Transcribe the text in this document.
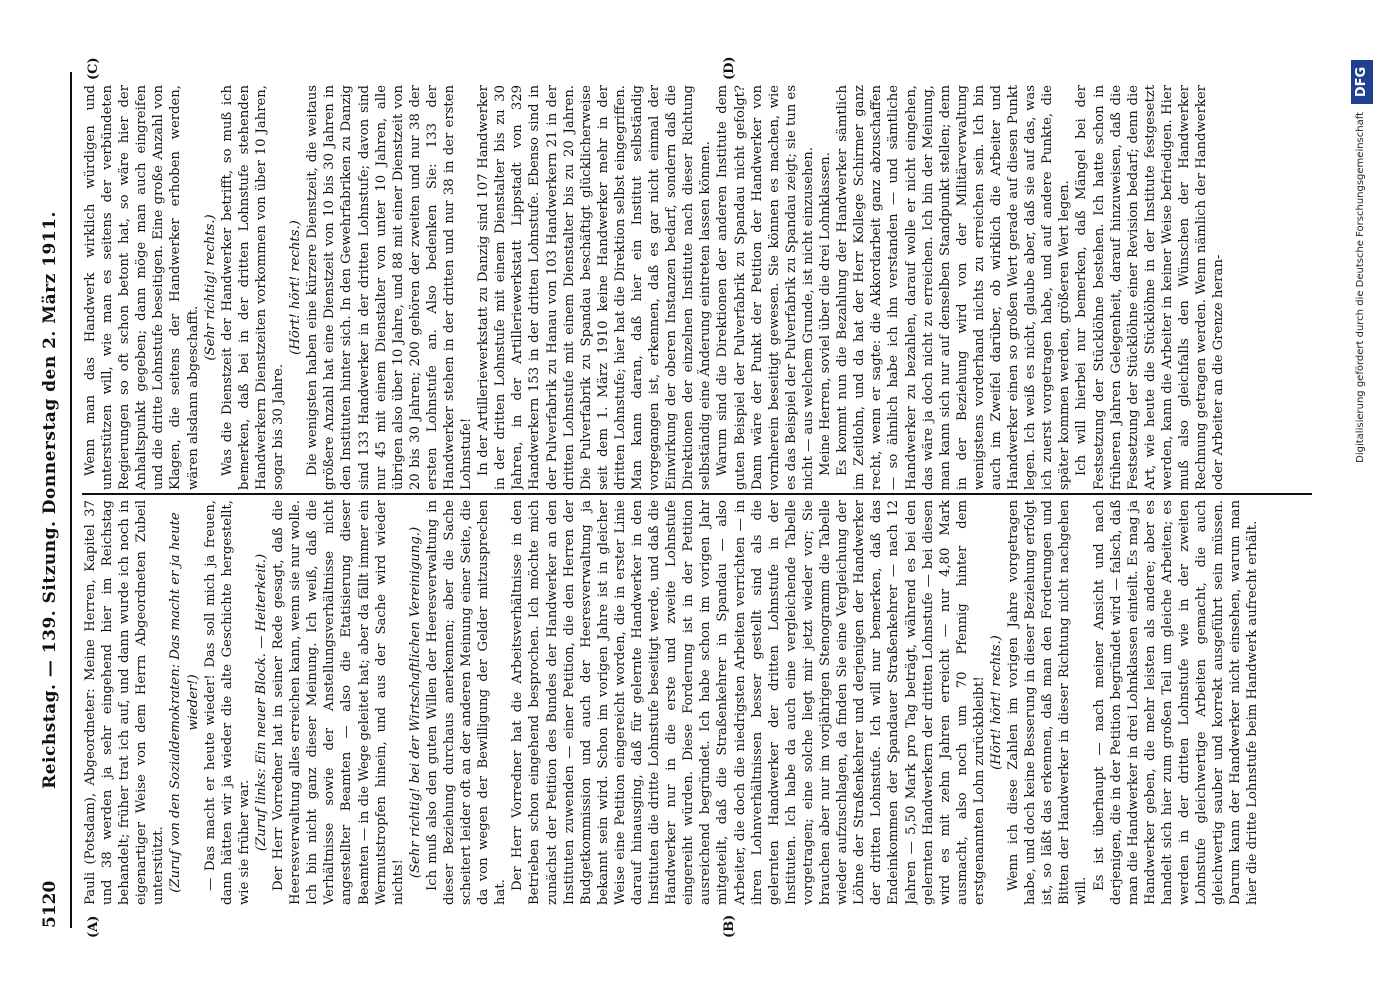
5120
Reichstag. — 139. Sitzung. Donnerstag den 2. März 1911.
(A)	(B)
(C)	(D)

Pauli (Potsdam), Abgeordneter: Meine Herren, Kapitel 37 und 38 werden ja sehr eingehend hier im Reichstag behandelt; früher trat ich auf, und dann wurde ich noch in eigenartiger Weise von dem Herrn Abgeordneten Zubeil unterstützt. (Zuruf von den Sozialdemokraten: Das macht er ja heute wieder!) — Das macht er heute wieder! Das soll mich ja freuen, dann hätten wir ja wieder die alte Geschichte hergestellt, wie sie früher war. (Zuruf links: Ein neuer Block. — Heiterkeit.) Der Herr Vorredner hat in seiner Rede gesagt, daß die Heeresverwaltung alles erreichen kann, wenn sie nur wolle. Ich bin nicht ganz dieser Meinung. Ich weiß, daß die Verhältnisse sowie der Anstellungsverhältnisse nicht angestellter Beamten — also die Etatisierung dieser Beamten — in die Wege geleitet hat; aber da fällt immer ein Wermutstropfen hinein, und aus der Sache wird wieder nichts!

(Sehr richtig! bei der Wirtschaftlichen Vereinigung.) Ich muß also den guten Willen der Heeresverwaltung in dieser Beziehung durchaus anerkennen; aber die Sache scheitert leider oft an der anderen Meinung einer Seite, die da von wegen der Bewilligung der Gelder mitzusprechen hat.

Der Herr Vorredner hat die Arbeitsverhältnisse in den Betrieben schon eingehend besprochen. Ich möchte mich zunächst der Petition des Bundes der Handwerker an den Instituten zuwenden — einer Petition, die den Herren der Budgetkommission und auch der Heeresverwaltung ja bekannt sein wird. Schon im vorigen Jahre ist in gleicher Weise eine Petition eingereicht worden, die in erster Linie darauf hinausging, daß für gelernte Handwerker in den Instituten die dritte Lohnstufe beseitigt werde, und daß die Handwerker nur in die erste und zweite Lohnstufe eingereiht würden. Diese Forderung ist in der Petition ausreichend begründet. Ich habe schon im vorigen Jahr mitgeteilt, daß die Straßenkehrer in Spandau — also Arbeiter, die doch die niedrigsten Arbeiten verrichten — in ihren Lohnverhältnissen besser gestellt sind als die gelernten Handwerker der dritten Lohnstufe in der Instituten. Ich habe da auch eine vergleichende Tabelle vorgetragen; eine solche liegt mir jetzt wieder vor; Sie brauchen aber nur im vorjährigen Stenogramm die Tabelle wieder aufzuschlagen, da finden Sie eine Vergleichung der Löhne der Straßenkehrer und derjenigen der Handwerker der dritten Lohnstufe. Ich will nur bemerken, daß das Endeinkommen der Spandauer Straßenkehrer — nach 12 Jahren — 5,50 Mark pro Tag beträgt, während es bei den gelernten Handwerkern der dritten Lohnstufe — bei diesen wird es mit zehn Jahren erreicht — nur 4,80 Mark ausmacht, also noch um 70 Pfennig hinter dem erstgenannten Lohn zurückbleibt! (Hört! hört! rechts.) Wenn ich diese Zahlen im vorigen Jahre vorgetragen habe, und doch keine Besserung in dieser Beziehung erfolgt ist, so läßt das erkennen, daß man den Forderungen und Bitten der Handwerker in dieser Richtung nicht nachgehen will. Es ist überhaupt — nach meiner Ansicht und nach derjenigen, die in der Petition begründet wird — falsch, daß man die Handwerker in drei Lohnklassen einteilt. Es mag ja Handwerker geben, die mehr leisten als andere; aber es handelt sich hier zum großen Teil um gleiche Arbeiten; es werden in der dritten Lohnstufe wie in der zweiten Lohnstufe gleichwertige Arbeiten gemacht, die auch gleichwertig sauber und korrekt ausgeführt sein müssen. Darum kann der Handwerker nicht einsehen, warum man hier die dritte Lohnstufe beim Handwerk aufrecht erhält.

Wenn man das Handwerk wirklich würdigen und unterstützen will, wie man es seitens der verbündeten Regierungen so oft schon betont hat, so wäre hier der Anhaltspunkt gegeben; dann möge man auch eingreifen und die dritte Lohnstufe beseitigen. Eine große Anzahl von Klagen, die seitens der Handwerker erhoben werden, wären alsdann abgeschafft.

(Sehr richtig! rechts.) Was die Dienstzeit der Handwerker betrifft, so muß ich bemerken, daß bei in der dritten Lohnstufe stehenden Handwerkern Dienstzeiten vorkommen von über 10 Jahren, sogar bis 30 Jahre.

(Hört! hört! rechts.) Die wenigsten haben eine kürzere Dienstzeit, die weitaus größere Anzahl hat eine Dienstzeit von 10 bis 30 Jahren in den Instituten hinter sich. In den Gewehrfabriken zu Danzig sind 133 Handwerker in der dritten Lohnstufe; davon sind nur 45 mit einem Dienstalter von unter 10 Jahren, alle übrigen also über 10 Jahre, und 88 mit einer Dienstzeit von 20 bis 30 Jahren; 200 gehören der zweiten und nur 38 der ersten Lohnstufe an. Also bedenken Sie: 133 der Handwerker stehen in der dritten und nur 38 in der ersten Lohnstufe! In der Artilleriewerkstatt zu Danzig sind 107 Handwerker in der dritten Lohnstufe mit einem Dienstalter bis zu 30 Jahren, in der Artilleriewerkstatt Lippstadt von 329 Handwerkern 153 in der dritten Lohnstufe. Ebenso sind in der Pulverfabrik zu Hanau von 103 Handwerkern 21 in der dritten Lohnstufe mit einem Dienstalter bis zu 20 Jahren. Die Pulverfabrik zu Spandau beschäftigt glücklicherweise seit dem 1. März 1910 keine Handwerker mehr in der dritten Lohnstufe; hier hat die Direktion selbst eingegriffen. Man kann daran, daß hier ein Institut selbständig vorgegangen ist, erkennen, daß es gar nicht einmal der Einwirkung der oberen Instanzen bedarf, sondern daß die Direktionen der einzelnen Institute nach dieser Richtung selbständig eine Änderung eintreten lassen können. Warum sind die Direktionen der anderen Institute dem guten Beispiel der Pulverfabrik zu Spandau nicht gefolgt? Dann wäre der Punkt der Petition der Handwerker von vornherein beseitigt gewesen. Sie können es machen, wie es das Beispiel der Pulverfabrik zu Spandau zeigt; sie tun es nicht — aus welchem Grunde, ist nicht einzusehen. Meine Herren, soviel über die drei Lohnklassen. Es kommt nun die Bezahlung der Handwerker sämtlich im Zeitlohn, und da hat der Herr Kollege Schirmer ganz recht, wenn er sagte: die Akkordarbeit ganz abzuschaffen — so ähnlich habe ich ihn verstanden — und sämtliche Handwerker zu bezahlen, darauf wolle er nicht eingehen, das wäre ja doch nicht zu erreichen. Ich bin der Meinung, man kann sich nur auf denselben Standpunkt stellen; denn in der Beziehung wird von der Militärverwaltung wenigstens vorderhand nichts zu erreichen sein. Ich bin auch im Zweifel darüber, ob wirklich die Arbeiter und Handwerker einen so großen Wert gerade auf diesen Punkt legen. Ich weiß es nicht, glaube aber, daß sie auf das, was ich zuerst vorgetragen habe, und auf andere Punkte, die später kommen werden, größeren Wert legen. Ich will hierbei nur bemerken, daß Mängel bei der Festsetzung der Stücklöhne bestehen. Ich hatte schon in früheren Jahren Gelegenheit, darauf hinzuweisen, daß die Festsetzung der Stücklöhne einer Revision bedarf; denn die Art, wie heute die Stücklöhne in der Institute festgesetzt werden, kann die Arbeiter in keiner Weise befriedigen. Hier muß also gleichfalls den Wünschen der Handwerker Rechnung getragen werden. Wenn nämlich der Handwerker oder Arbeiter an die Grenze heran-	Digitalisierung gefördert durch die Deutsche Forschungsgemeinschaft
DFG
